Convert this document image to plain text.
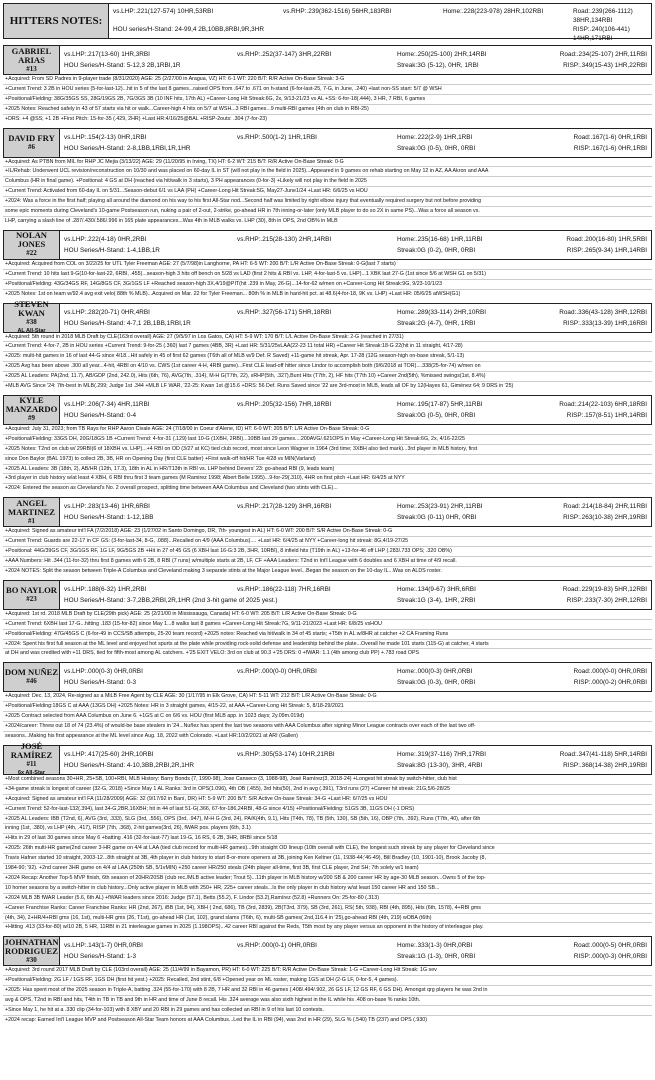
HITTERS NOTES:
vs.LHP:.221(127-574) 10HR,53RBI	vs.RHP:.239(362-1516) 56HR,183RBI	Home:.228(223-978) 28HR,102RBI	Road:.239(266-1112) 38HR,134RBI
HOU series/H-Stand: 24-99,4 2B,10BB,8RBI,9R,3HR	RISP:.240(106-441) 14HR,171RBI
GABRIEL ARIAS
#13
vs.LHP:.217(13-60) 1HR,3RBI	vs.RHP:.252(37-147) 3HR,22RBI	Home:.250(25-100) 2HR,14RBI	Road:.234(25-107) 2HR,11RBI
HOU Series/H-Stand: 5-12,3 2B,1RBI,1R	Streak:3G (5-12), 0HR, 1RBI	RISP:.349(15-43) 1HR,22RBI
+Acquired: From SD Padres in 9-player trade (8/31/2020) AGE: 25 (2/27/00 in Aragua, VZ) HT: 6-1 WT: 220 B/T: R/R Active On-Base Streak: 3-G
+Current Trend: 3 2B in HOU series (5-for-last-12)...hit in 5 of the last 8 games...raised OPS from .647 to .671 on h-stand (6-for-last-25, 7-G, in June, .240) +last non-SS start: 5/7 @ WSH
+Positional/Fielding: 38G/35GS SS, 28G/19GS 2B, 7G/3GS 3B (10 INF hits, 17th AL) +Career-Long Hit Streak:6G, 2x, 9/13-21/23 vs AL +SS: 6-for-18(.444), 3 HR, 7 RBI, 6 games
+2025 Notes: Reached safely in 43 of 57 starts via hit or walk...Career-high 4 hits on 5/7 at WSH...3 RBI games...9 multi-RBI games (4th on club in RBI-25)
+DRS: +4 @SS; +1 2B +First Pitch: 15-for-35 (.429, 2HR) +Last HR:4/16/25@BAL +RISP-2outs: .304 (7-for-23)
DAVID FRY
#6
vs.LHP:.154(2-13) 0HR,1RBI	vs.RHP:.500(1-2) 1HR,1RBI	Home:.222(2-9) 1HR,1RBI	Road:.167(1-6) 0HR,1RBI
HOU Series/H-Stand: 2-8,1BB,1RBI,1R,1HR	Streak:0G (0-5), 0HR, 0RBI	RISP:.167(1-6) 0HR,1RBI
+Acquired: As PTBN from MIL for RHP JC Mejia (3/13/22) AGE: 29 (11/20/95 in Irving, TX) HT: 6-2 WT: 215 B/T: R/R Active On-Base Streak: 0-G
+IL/Rehab: Underwent UCL revision/reconstruction on 10/30 and was placed on 60-day IL in ST (will not play in the field in 2025)...Appeared in 9 games on rehab starting on May 12 in AZ, AA Akron and AAA
Columbus (HR in final game). +Positional: 4 GS at DH (reached via hit/walk in 3 starts), 3 PH appearances (0-for-3) +Likely will not play in the field in 2025
+Current Trend: Activated from 60-day IL on 5/31...Season-debut 6/1 vs LAA (PH) +Career-Long Hit Streak:5G, May27-June1/24 +Last HR: 6/6/25 vs HOU
+2024: Was a force in the first half; playing all around the diamond on his way to his first All-Star nod...Second half was limited by right elbow injury that eventually required surgery but not before providing
some epic moments during Cleveland's 10-game Postseason run, nuking a pair of 2-out, 2-strike, go-ahead HR in 7th inning-or-later (only MLB player to do so 2X in same PS)...Was a force all season vs.
LHP, carrying a slash line of .287/.430/.586/.996 in 165 plate appearances...Was 4th in MLB walks vs. LHP (30), 8th in OPS, 2nd OB% in MLB
NOLAN JONES
#22
vs.LHP:.222(4-18) 0HR,2RBI	vs.RHP:.215(28-130) 2HR,14RBI	Home:.235(16-68) 1HR,11RBI	Road:.200(16-80) 1HR,5RBI
HOU Series/H-Stand: 1-4,1BB,1R	Streak:0G (0-2), 0HR, 0RBI	RISP:.265(9-34) 1HR,14RBI
+Acquired: Acquired from COL on 3/22/25 for UTL Tyler Freeman AGE: 27 (5/7/98)in Langhorne, PA HT: 6-5 WT: 200 B/T: L/R Active On-Base Streak: 0-G(last 7 starts)
+Current Trend: 10 hits last 9-G(10-for-last-22, 6RBI, .455)...season-high 3 hits off bench on 5/28 vs LAD (first 2 hits & RBI vs. LHP, 4-for-last-5 vs. LHP)...1 XBK last 27-G (1st since 5/6 at WSH G1 on 5/31)
+Positional/Fielding: 43G/34GS RF, 14G/8GS CF, 3G/1GS LF +Reached season-high 3X,4/19@PIT(hit .239 in May, 26-G)...14-for-62 w/men on +Career-Long Hit Streak:9G, 9/23-10/1/23
+2025 Notes: 1st on team w/92.4 avg exit velo( 88th % MLB)...Acquired on Mar. 22 for Tyler Freeman... 80th % in MLB in hard-hit pct. at 48.6(4-for-18, 9K vs. LHP) +Last HR: 05/6/25 atWSH(G1)
STEVEN KWAN
#38
AL All-Star
vs.LHP:.282(20-71) 0HR,4RBI	vs.RHP:.327(56-171) 5HR,18RBI	Home:.289(33-114) 2HR,10RBI	Road:.336(43-128) 3HR,12RBI
HOU Series/H-Stand: 4-7,1 2B,1BB,1RBI,1R	Streak:2G (4-7), 0HR, 1RBI	RISP:.333(13-39) 1HR,16RBI
+Acquired: 5th round in 2018 MLB Draft by CLE(163rd overall) AGE: 27 (9/5/97 in Los Gatos, CA) HT: 5-9 WT: 170 B/T: L/L Active On-Base Streak: 2-G (reached in 27/31)
+Current Trend: 4-for-7, 2B in HOU series +Current Trend: 9-for-25 (.360) last 7 games (4BB, 3R) +Last HR: 5/31/25vLAA(22-23 11 total HR) +Career Hit Streak:18-G 22(hit in 11 straight, 4/17-28)
+2025: multi-hit games in 16 of last 44-G since 4/18...Hit safely in 45 of first 62 games (T6th all of MLB w/9 Def. R Saved) +11-game hit streak, Apr. 17-28 (12G season-high on-base streak, 5/1-13)
+2025 Avg has been above .300 all year...4-hit, 4RBI on 4/10 vs. CWS (1st career 4-H, 4RBI game)...First CLE lead-off hitter since Lindor to accomplish both (9/6/2018 at TOR)....338(25-for-74) w/men on
+2025 AL Leaders: PA(2nd, 11.7), AB/GDP (2nd, 242.0), Hits (6th, 76), AVG(7th, .314), M-H G(T7th, 22), xRHP(5th, .327),Bunt Hits (T7th, 2), HF hits (T7th 10) +Career 2nd(5th), %missed swings(1st, 8.4%)
+MLB AVG Since '24: 7th-best in MLB(.299; Judge 1st .344 +MLB LF WAR, '22-25: Kwan 1st @15.6 +DRS: 56 Def. Runs Saved since '22 are 3rd-most in MLB, leads all OF by 12(Hayes 61, Giménez 64; 9 DRS in '25)
KYLE MANZARDO
#9
vs.LHP:.206(7-34) 4HR,11RBI	vs.RHP:.205(32-156) 7HR,18RBI	Home:.195(17-87) 5HR,11RBI	Road:.214(22-103) 6HR,18RBI
HOU Series/H-Stand: 0-4	Streak:0G (0-5), 0HR, 0RBI	RISP:.157(8-51) 1HR,14RBI
+Acquired: July 31, 2023; from TB Rays for RHP Aaron Civale AGE: 24 (7/18/00 in Coeur d'Alene, ID) HT: 6-0 WT: 205 B/T: L/R Active On-Base Streak: 0-G
+Positional/Fielding: 33GS DH, 20G/18GS 1B +Current Trend: 4-for-31 (.129) last 10-G (1XBH, 2RBI)...10BB last 29 games....200AVG/.621OPS in May +Career-Long Hit Streak:6G, 2x, 4/16-22/25
+2025 Notes: T2nd on club w/ 29RBI(6 of 18XBH vs. LHP)...+4 RBI on OD (3/27 at KC) tied club record, most since Leon Wagner in 1964 (3rd time; 3XBH also tied mark)...3rd player in MLB history, first
since Don Baylor (BAL 1973) to collect 2B, 3B, HR on Opening Day (first CLE batter) +First walk-off hit/HR Tue 4/28 vs MIN(Varland)
+2025 AL Leaders: 3B (18th, 2), AB/HR (12th, 17.3), 18th in AL in HR/T13th in RBI vs. LHP behind Devers' 23: go-ahead RBI (9, leads team)
+3rd player in club history w/at least 4 XBH, 6 RBI thru first 3 team games (M Ramirez 1998; Albert Belle 1995)...9-for-29(.310), 4HR on first pitch +Last HR: 6/4/25 at NYY
+2024: Entered the season as Cleveland's No. 2 overall prospect, splitting time between AAA Columbus and Cleveland (two stints with CLE)...
ANGEL MARTINEZ
#1
vs.LHP:.283(13-46) 1HR,6RBI	vs.RHP:.217(28-129) 3HR,16RBI	Home:.253(23-91) 2HR,11RBI	Road:.214(18-84) 2HR,11RBI
HOU Series/H-Stand: 1-12,1BB	Streak:0G (0-11) 0HR, 0RBI	RISP:.263(10-38) 2HR,19RBI
+Acquired: Signed as amateur int'l FA (7/2/2018) AGE: 23 (1/27/02 in Santo Domingo, DR, 7th- youngest in AL) HT: 6-0 WT: 200 B/T: S/R Active On-Base Streak: 0-G
+Current Trend: Guards are 22-17 in CF GS: (3-for-last-34, 8-G, .088)...Recalled on 4/9 (AAA Columbus).... +Last HR: 6/4/25 at NYY +Career-long hit streak: 8G,4/19-27/25
+Positional: 44G/39GS CF, 3G/1GS RF, 1G LF, 9G/5GS 2B +Hit in 27 of 45 GS (6 XBH last 16-G:3 2B, 3HR, 10RBI), 8 infield hits (T19th in AL) +13-for-46 off LHP (.283/.733 OPS; .320 OB%)
+AAA Numbers: Hit .344 (11-for-32) thru first 8 games with 6 2B, 8 RBI (7 runs) w/multiple starts at 2B, LF, CF +AAA Leaders: T2nd in Int'l League with 6 doubles and 6 XBH at time of 4/9 recall.
+2024 NOTES: Split the season between Triple-A Columbus and Cleveland making 3 separate stints at the Major League level...Began the season on the 10-day IL...Was on ALDS roster.
BO NAYLOR
#23
vs.LHP:.188(6-32) 1HR,2RBI	vs.RHP:.186(22-118) 7HR,16RBI	Home:.134(9-67) 3HR,6RBI	Road:.229(19-83) 5HR,12RBI
HOU Series/H-Stand: 3-7,2BB,2RBI,2R,1HR (2nd 3-hit game of 2025 yest.)	Streak:1G (3-4), 1HR, 2RBI	RISP:.233(7-30) 2HR,12RBI
+Acquired: 1st rd. 2018 MLB Draft by CLE(29th pick) AGE: 25 (2/21/00 in Mississauga, Canada) HT: 6-0 WT: 205 B/T: L/R Active On-Base Streak: 0-G
+Current Trend: 6XBH last 17-G...hitting .183 (15-for-82) since May 1...8 walks last 8 games +Career-Long Hit Streak:7G, 9/11-21/2023 +Last HR: 6/8/25 vsHOU
+Positional/Fielding: 47G/45GS C (6-for-49 in CCS/SB attempts, 25-20 team record) +2025 notes: Reached via hit/walk in 34 of 45 starts; +T5th in AL w/8HR at catcher +2 CA Framing Runs
+2024: Spent his first full season at the ML level and enjoyed hot spurts at the plate while providing rock-solid defense and leadership behind the plate...Overall he made 101 starts (115-G) at catcher, 4 starts
at DH and was credited with +11 DRS, tied for fifth-most among AL catchers. +'25 EXIT VELO: 3rd on club at 90.3 +'25 DRS: 0 +fWAR: 1.1 (4th among club PP) +.783 road OPS
DOM NUÑEZ
#46
vs.LHP:.000(0-3) 0HR,0RBI	vs.RHP:.000(0-0) 0HR,0RBI	Home:.000(0-3) 0HR,0RBI	Road:.000(0-0) 0HR,0RBI
HOU Series/H-Stand: 0-3	Streak:0G (0-3), 0HR, 0RBI	RISP:.000(0-2) 0HR,0RBI
+Acquired: Dec. 13, 2024, Re-signed as a MiLB Free Agent by CLE AGE: 30 (1/17/95 in Elk Grove, CA) HT: 5-11 WT: 212 B/T: L/R Active On-Base Streak: 0-G
+Positional/Fielding:18GS C at AAA (13GS DH) +2025 Notes: HR in 3 straight games, 4/15-22, at AAA +Career-Long Hit Streak: 5, 8/18-29/2021
+2025 Contract selected from AAA Columbus on June 6. +1GS at C on 6/6 vs. HOU (first MLB app. in 1023 days; 2y.09m.019d)
+2024/career: Threw out 18 of 74 (23.4%) of would-be base stealers in '24...Nuñez has spent the last two seasons with AAA Columbus after signing Minor League contracts over each of the last two off-
seasons...Making his first appearance at the ML level since Aug. 18, 2022 with Colorado. +Last HR:10/2/2021 at ARI (Gallen)
JOSÉ RAMÍREZ
#11
6x All-Star
vs.LHP:.417(25-60) 2HR,10RBI	vs.RHP:.305(53-174) 10HR,21RBI	Home:.319(37-116) 7HR,17RBI	Road:.347(41-118) 5HR,14RBI
HOU Series/H-Stand: 4-10,3BB,2RBI,2R,1HR	Streak:8G (13-30), 3HR, 4RBI	RISP:.368(14-38) 2HR,19RBI
+Most combined seasons 30+HR, 25+SB, 100+RBI, MLB History: Barry Bonds (7, 1990-98), Jose Canseco (3, 1988-98), José Ramírez(3, 2018-24) +Longest hit streak by switch-hitter, club hist
+34-game streak is longest of career (32-G, 2018) +Since May 1 AL Ranks: 3rd in OPS(1.096), 4th OB (.455), 3rd hits(50), 2nd in avg (.391), T3rd runs (27) +Career hit streak: 21G,5/6-28/25
+Acquired: Signed as amateur int'l FA (11/28/2009) AGE: 32 (9/17/92 in Baní, DR) HT: 5-9 WT: 200 B/T: S/R Active On-base Streak: 34-G +Last HR: 6/7/25 vs HOU
+Current Trend: 52-for-last-132(.394), last 34-G,2BR,16XBH; hit in 44 of last 51-G(.366, 67-for-186,24RBI, 48-G since 4/15) +Positional/Fielding: 51GS 3B, 11GS DH (-1 DRS)
+2025 AL Leaders: IBB (T2nd, 6), AVG (3rd, .333), SLG (3rd, .556), OPS (3rd, .947), M-H G (3rd, 24), PA/K(4th, 9.1), Hits (T4th, 78), TB (5th, 130), SB (5th, 16), OBP (7th, .392), Runs (T7th, 40), after 6th
inning (1st, .380), vs LHP (4th, .417), RISP (7th, .368), 2-hit games(3rd, 26), fWAR pos. players (6th, 3.1)
+Hits in 29 of last 30 games since May 6 +batting .416 (32-for-last-77) last 19-G, 16 RS, 6 2B, 3HR, 8RBI since 5/18
+2025: 26th multi-HR game(2nd career 3-HR game on 4/4 at LAA (tied club record for multi-HR games)...9th straight OD lineup (10th overall with CLE), the longest such streak by any player for Cleveland since
Travis Hafner started 10 straight, 2003-12...8th straight at 3B, 4th player in club history to start 8-or-more openers at 3B, joining Ken Keltner (11, 1938-44;'46-49), Bill Bradley (10, 1901-10), Brook Jacoby (8,
1984-90; '92). +2nd career 3HR game on 4/4 at LAA (250th SB, 5/1vMIN) +250 career HR/250 steals (24th player all-time, first 3B, first CLE player, 2nd SH; 7th solely w/1 team)
+2024 Recap: Another Top-5 MVP finish, 6th season of 20HR/20SB (club rec./MLB active leader; Trout 5)...11th player in MLB history w/200 SB & 200 career HR by age-30 MLB season...Owns 5 of the top-
10 homer seasons by a switch-hitter in club history...Only active player in MLB with 250+ HR, 225+ career steals...Is the only player in club history w/at least 150 career HR and 150 SB...
+2024 MLB 3B fWAR Leader (5.6, 6th AL) +fWAR leaders since 2016: Judge (57.1), Betts (55.2), F. Lindor (53.2),Ramírez (52.8) +Runners On: 25-for-80 (.313)
+Career Franchise Ranks: Career Franchise Ranks: HR (2nd, 267), iBB (1st, 94), XBH ( 2nd, 686), TB (3rd, 2839), 2B(T3rd, 379), SB (3rd, 261), RS( 5th, 938), RBI (4th, 895), Hits (6th, 1578), 4+RBI gms
(4th, 34), 2+HR/4+RBI gms (16, 1st), multi-HR gms (26, T1st), go-ahead HR (1st, 102), grand slams (T6th, 6), multi-SB games( 2nd,116.4 in '25),go-ahead RBI (4th, 219) wOBA (t6th)
+Hitting .413 (33-for-80) w/10 2B, 5 HR, 11RBI in 21 interleague games in 2025 (1.198OPS)...42 career RBI against the Reds, T5th most by any player versus an opponent in the history of interleague play.
JOHNATHAN RODRIGUEZ
#30
vs.LHP:.143(1-7) 0HR,0RBI	vs.RHP:.000(0-1) 0HR,0RBI	Home:.333(1-3) 0HR,0RBI	Road:.000(0-5) 0HR,0RBI
HOU Series/H-Stand: 1-3	Streak:1G (1-3), 0HR, 0RBI	RISP:.000(0-3) 0HR,0RBI
+Acquired: 3rd round 2017 MLB Draft by CLE (103rd overall) AGE: 25 (11/4/99 in Bayamon, PR) HT: 6-0 WT: 225 B/T: R/R Active On-Base Streak: 1-G +Career-Long Hit Streak: 1G sev
+Positional/Fielding: 2G LF / 1GS RF, 1GS DH (first hit yest.) +2025: Recalled, 2nd stint, 6/8 +Opened year on ML roster, making 1GS at DH (2-G LF, 0-for-5, 4 games).
+2025: Has spent most of the 2025 season in Triple-A, batting .324 (55-for-170) with 8 2B, 7 HR and 32 RBI in 46 games (.408/.494/.902, 26 GS LF, 12 GS RF, 6 GS DH). Amongst qrg players he was 2nd in
avg & OPS, T2nd in RBI and hits, T4th in TB in TB and 9th in HR and time of June 8 recall. His .324 average was also sixth highest in the IL while his .408 on-base % ranks 10th.
+Since May 1, he hit at a .330 clip (34-for-103) with 8 XBY and 20 RBI in 29 games and has collected an RBI in 9 of his last 10 contests.
+2024 recap: Earned Int'l League MVP and Postseason All-Star Team honors at AAA Columbus...Led the IL in RBI (94), was 2nd in HR (29), SLG % (.540) TB (237) and OPS (.930)
